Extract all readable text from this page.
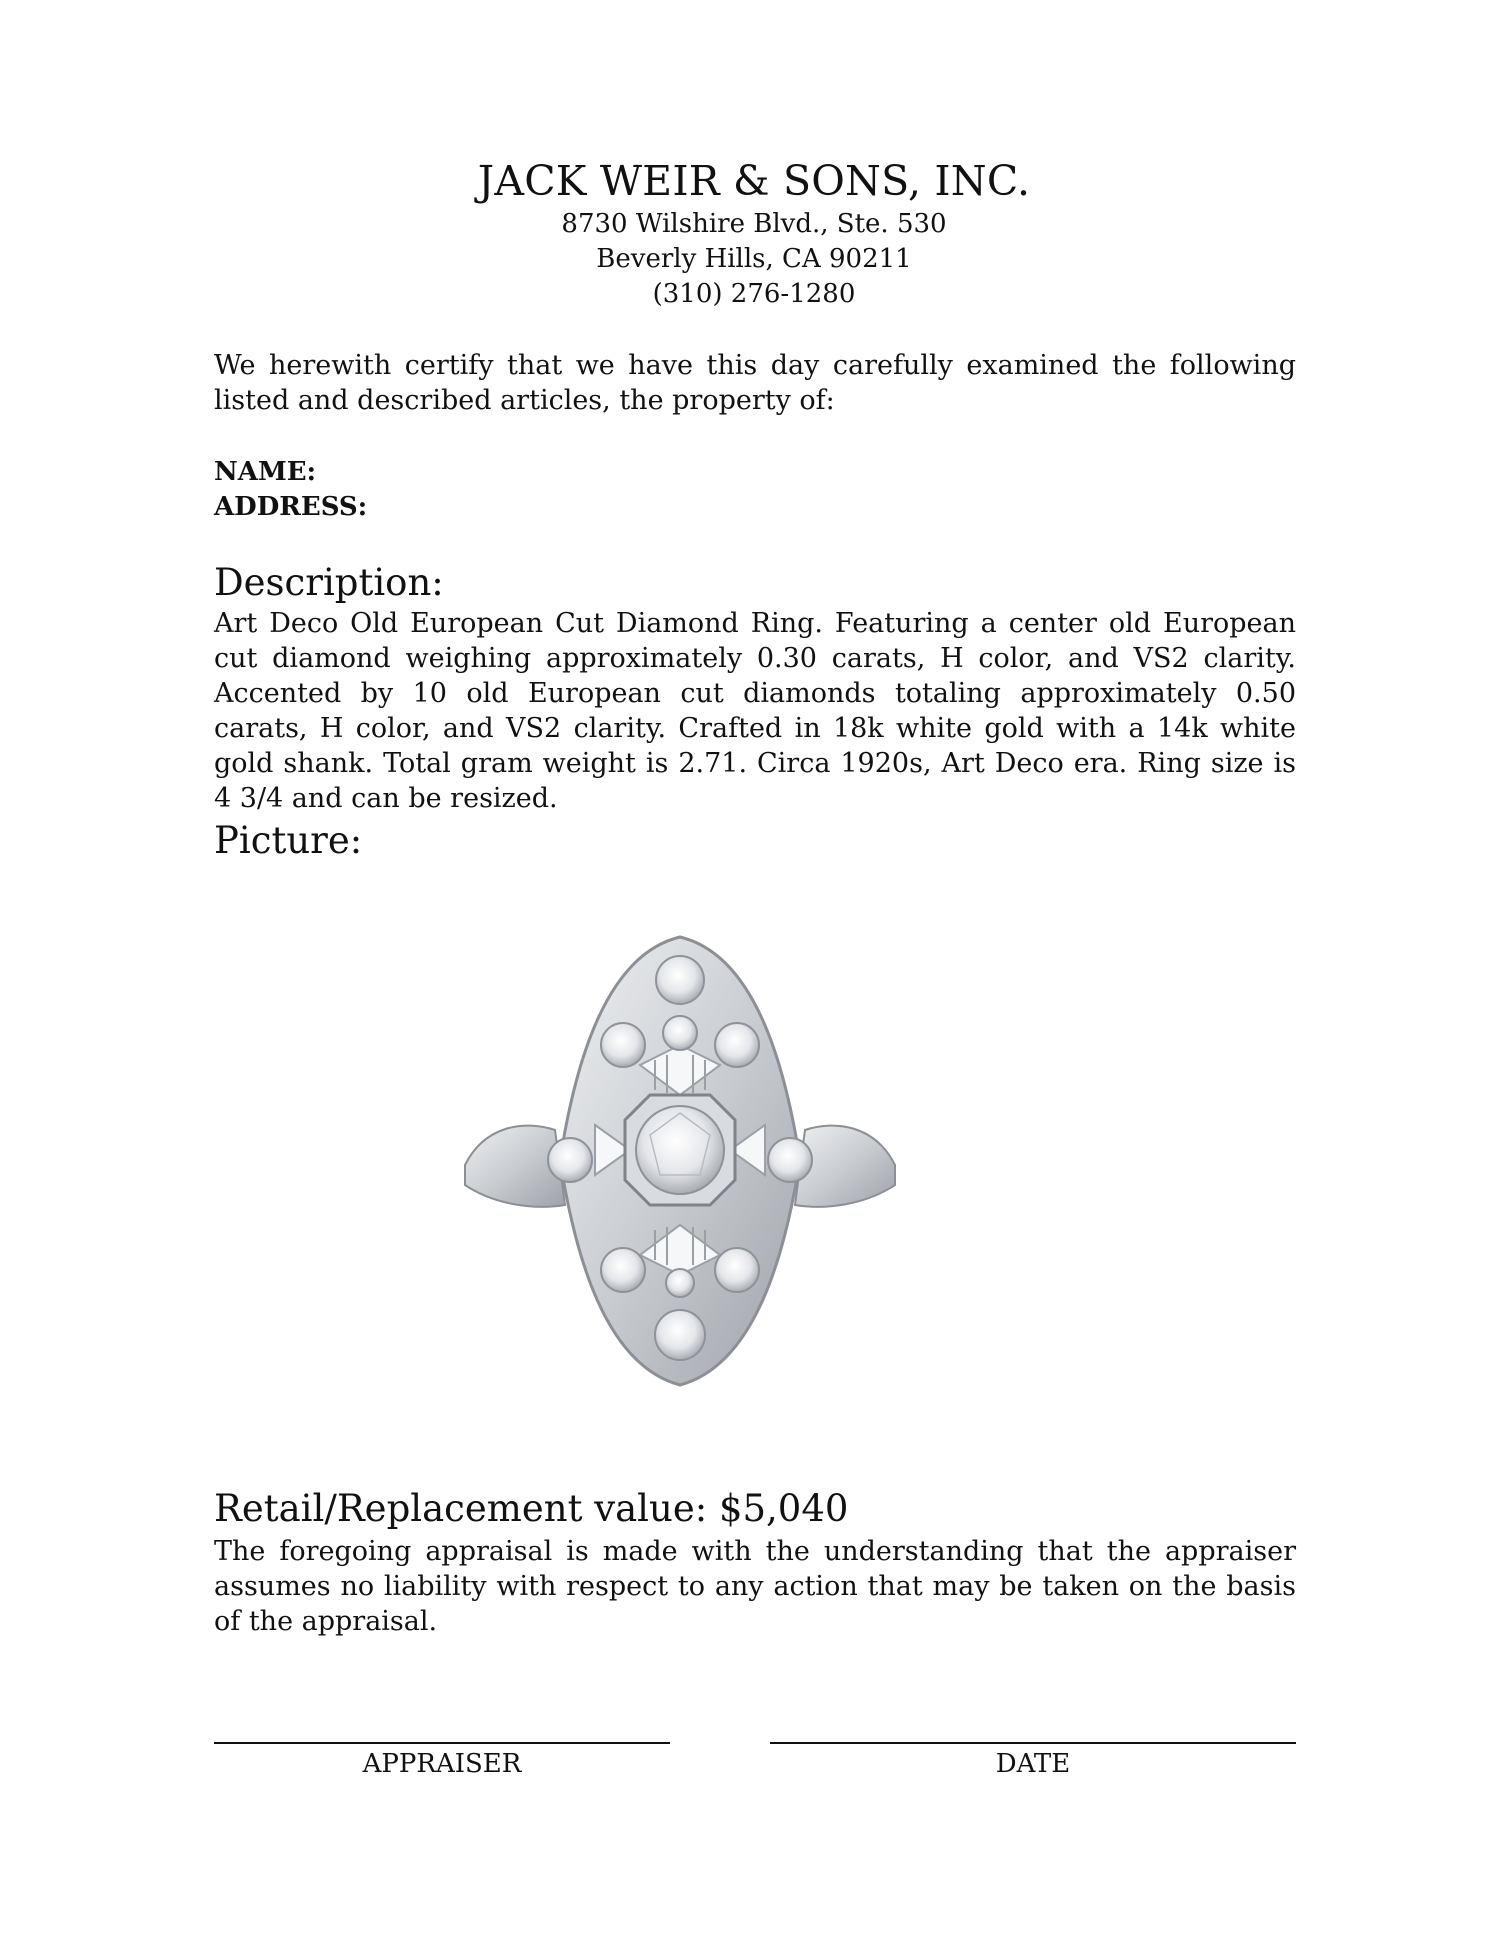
JACK WEIR & SONS, INC.
8730 Wilshire Blvd., Ste. 530
Beverly Hills, CA 90211
(310) 276-1280
We herewith certify that we have this day carefully examined the following listed and described articles, the property of:
NAME:
ADDRESS:
Description:
Art Deco Old European Cut Diamond Ring. Featuring a center old European cut diamond weighing approximately 0.30 carats, H color, and VS2 clarity. Accented by 10 old European cut diamonds totaling approximately 0.50 carats, H color, and VS2 clarity. Crafted in 18k white gold with a 14k white gold shank. Total gram weight is 2.71. Circa 1920s, Art Deco era. Ring size is 4 3/4 and can be resized.
Picture:
Retail/Replacement value: $5,040
The foregoing appraisal is made with the understanding that the appraiser assumes no liability with respect to any action that may be taken on the basis of the appraisal.
APPRAISER	DATE
